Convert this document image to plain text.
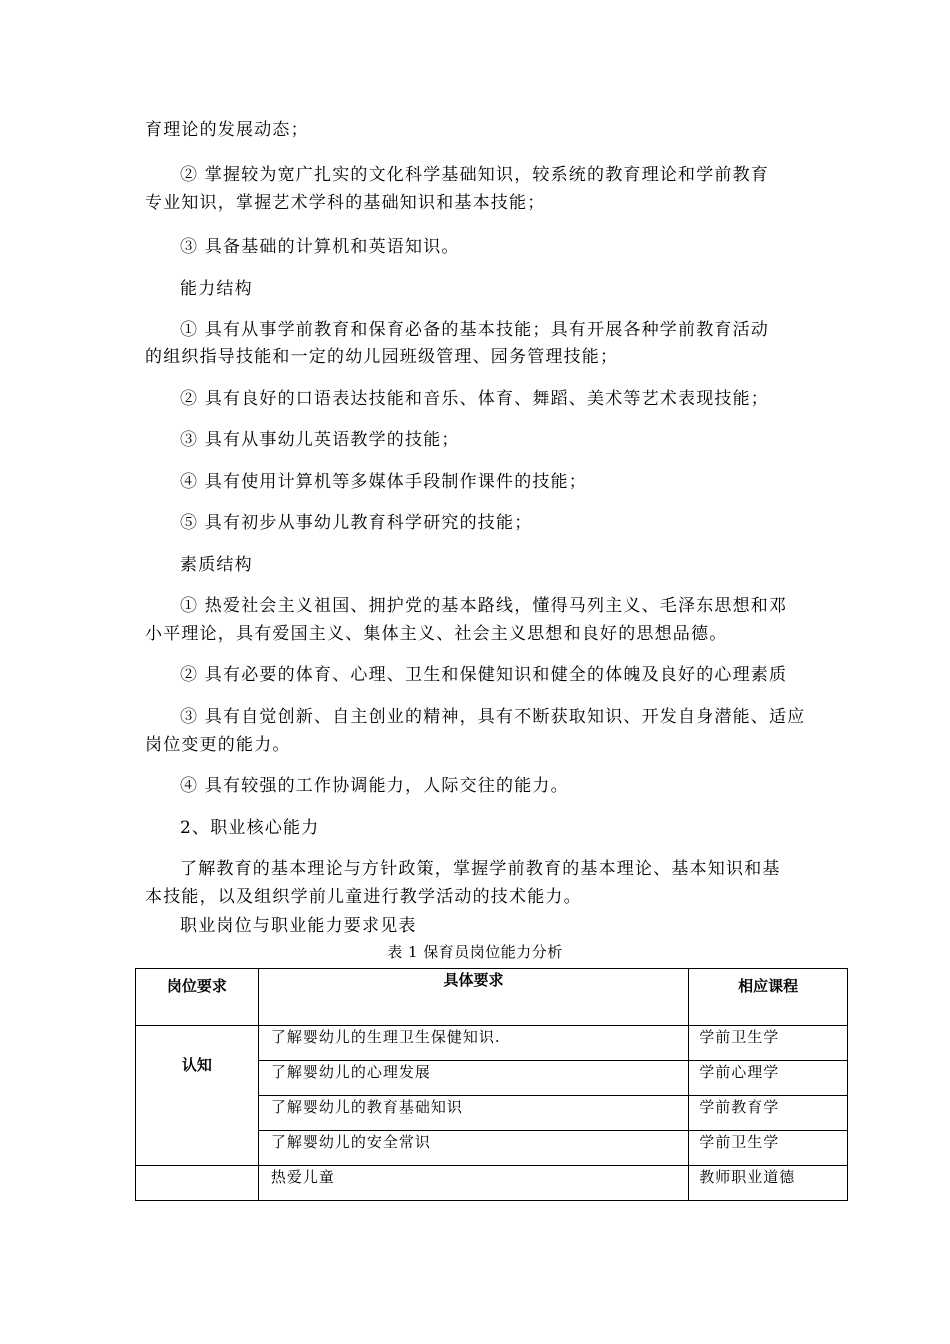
育理论的发展动态；
② 掌握较为宽广扎实的文化科学基础知识，较系统的教育理论和学前教育
专业知识，掌握艺术学科的基础知识和基本技能；
③ 具备基础的计算机和英语知识。
能力结构
① 具有从事学前教育和保育必备的基本技能；具有开展各种学前教育活动
的组织指导技能和一定的幼儿园班级管理、园务管理技能；
② 具有良好的口语表达技能和音乐、体育、舞蹈、美术等艺术表现技能；
③ 具有从事幼儿英语教学的技能；
④ 具有使用计算机等多媒体手段制作课件的技能；
⑤ 具有初步从事幼儿教育科学研究的技能；
素质结构
① 热爱社会主义祖国、拥护党的基本路线，懂得马列主义、毛泽东思想和邓
小平理论，具有爱国主义、集体主义、社会主义思想和良好的思想品德。
② 具有必要的体育、心理、卫生和保健知识和健全的体魄及良好的心理素质
③ 具有自觉创新、自主创业的精神，具有不断获取知识、开发自身潜能、适应
岗位变更的能力。
④ 具有较强的工作协调能力，人际交往的能力。
2、职业核心能力
了解教育的基本理论与方针政策，掌握学前教育的基本理论、基本知识和基
本技能，以及组织学前儿童进行教学活动的技术能力。
职业岗位与职业能力要求见表
表 1 保育员岗位能力分析
岗位要求	具体要求	相应课程
认知	了解婴幼儿的生理卫生保健知识.	学前卫生学
	了解婴幼儿的心理发展	学前心理学
	了解婴幼儿的教育基础知识	学前教育学
	了解婴幼儿的安全常识	学前卫生学
	热爱儿童	教师职业道德
